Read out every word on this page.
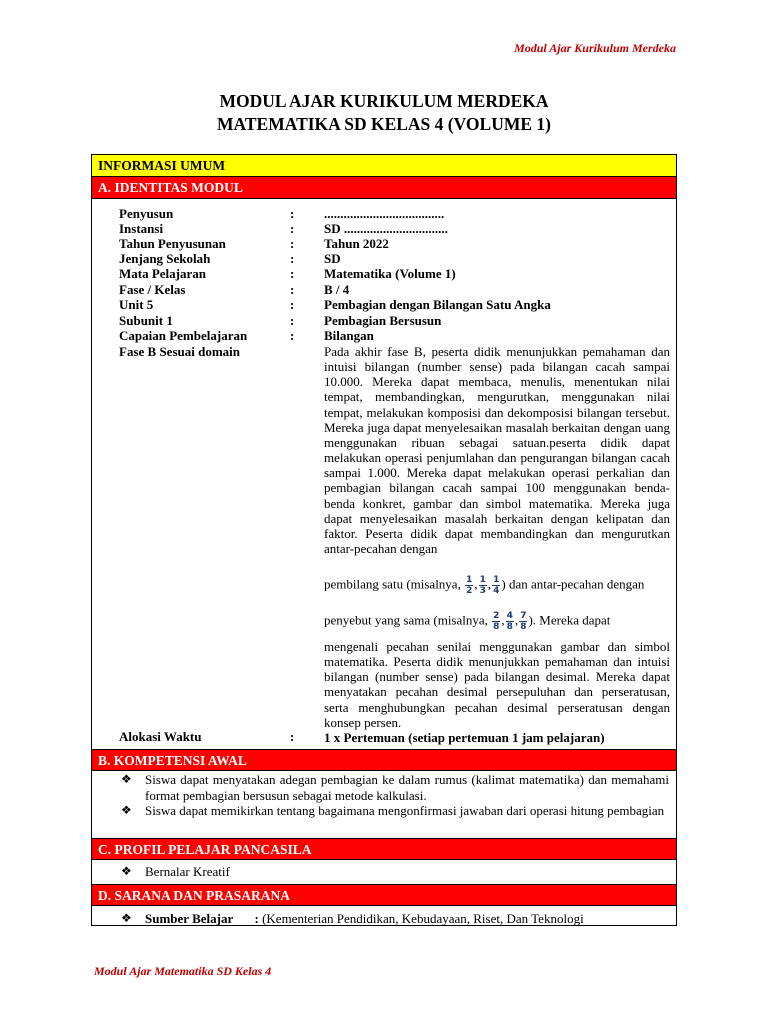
Modul Ajar Kurikulum Merdeka
MODUL AJAR KURIKULUM MERDEKA
MATEMATIKA SD KELAS 4 (VOLUME 1)
INFORMASI UMUM
A. IDENTITAS MODUL
Penyusun	: .....................................
Instansi	: SD ................................
Tahun Penyusunan	: Tahun 2022
Jenjang Sekolah	: SD
Mata Pelajaran	: Matematika (Volume 1)
Fase / Kelas	: B / 4
Unit 5	: Pembagian dengan Bilangan Satu Angka
Subunit 1	: Pembagian Bersusun
Capaian Pembelajaran	: Bilangan
Fase B Sesuai domain	Pada akhir fase B, peserta didik menunjukkan pemahaman dan intuisi bilangan (number sense) pada bilangan cacah sampai 10.000. Mereka dapat membaca, menulis, menentukan nilai tempat, membandingkan, mengurutkan, menggunakan nilai tempat, melakukan komposisi dan dekomposisi bilangan tersebut. Mereka juga dapat menyelesaikan masalah berkaitan dengan uang menggunakan ribuan sebagai satuan.peserta didik dapat melakukan operasi penjumlahan dan pengurangan bilangan cacah sampai 1.000. Mereka dapat melakukan operasi perkalian dan pembagian bilangan cacah sampai 100 menggunakan benda-benda konkret, gambar dan simbol matematika. Mereka juga dapat menyelesaikan masalah berkaitan dengan kelipatan dan faktor. Peserta didik dapat membandingkan dan mengurutkan antar-pecahan dengan
pembilang satu (misalnya, $\frac{1}{2}$ , $\frac{1}{3}$ , $\frac{1}{4}$ ) dan antar-pecahan dengan
penyebut yang sama (misalnya, $\frac{2}{8}$ , $\frac{4}{8}$ , $\frac{7}{8}$ ). Mereka dapat
mengenali pecahan senilai menggunakan gambar dan simbol matematika. Peserta didik menunjukkan pemahaman dan intuisi bilangan (number sense) pada bilangan desimal. Mereka dapat menyatakan pecahan desimal persepuluhan dan perseratusan, serta menghubungkan pecahan desimal perseratusan dengan konsep persen.
Alokasi Waktu	: 1 x Pertemuan (setiap pertemuan 1 jam pelajaran)
B. KOMPETENSI AWAL
❖ Siswa dapat menyatakan adegan pembagian ke dalam rumus (kalimat matematika) dan memahami format pembagian bersusun sebagai metode kalkulasi.
❖ Siswa dapat memikirkan tentang bagaimana mengonfirmasi jawaban dari operasi hitung pembagian
C. PROFIL PELAJAR PANCASILA
❖ Bernalar Kreatif
D. SARANA DAN PRASARANA
❖ Sumber Belajar : (Kementerian Pendidikan, Kebudayaan, Riset, Dan Teknologi
Modul Ajar Matematika SD Kelas 4
